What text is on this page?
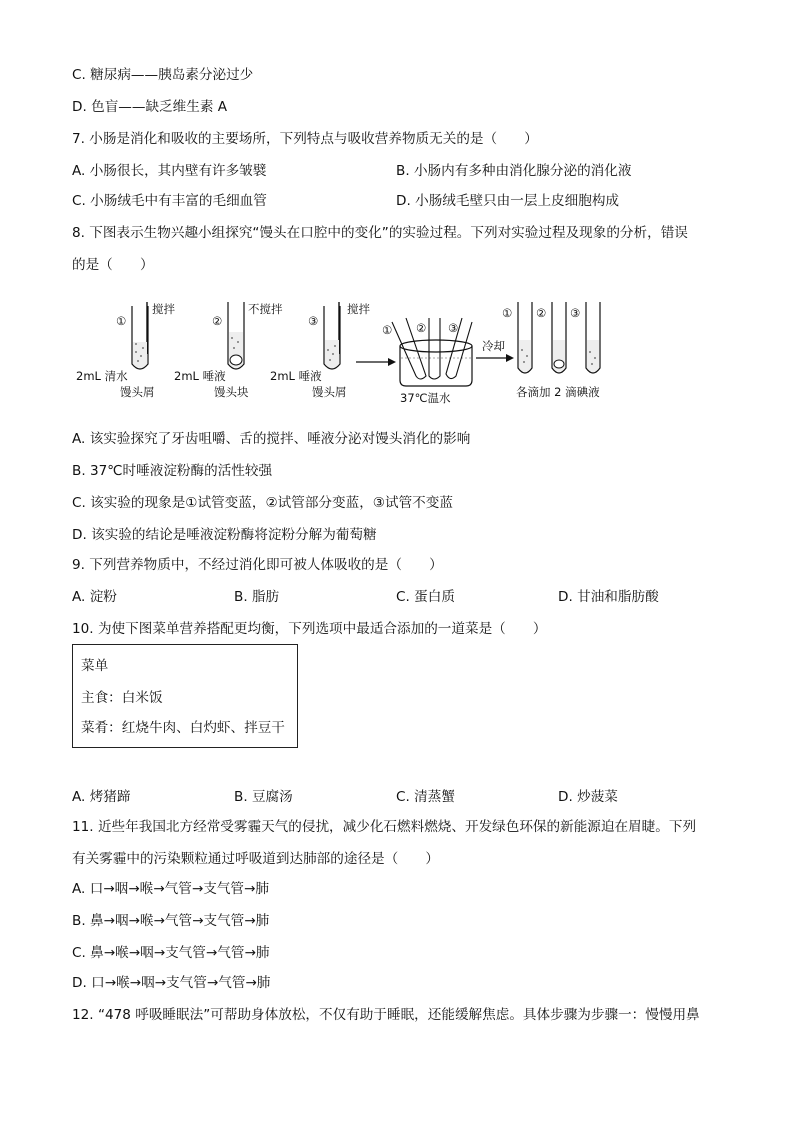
C. 糖尿病——胰岛素分泌过少
D. 色盲——缺乏维生素 A
7. 小肠是消化和吸收的主要场所，下列特点与吸收营养物质无关的是（　　）
A. 小肠很长，其内壁有许多皱襞	B. 小肠内有多种由消化腺分泌的消化液
C. 小肠绒毛中有丰富的毛细血管	D. 小肠绒毛壁只由一层上皮细胞构成
8. 下图表示生物兴趣小组探究“馒头在口腔中的变化”的实验过程。下列对实验过程及现象的分析，错误
的是（　　）
①
搅拌
2mL 清水
馒头屑
②
不搅拌
2mL 唾液
馒头块
③
搅拌
2mL 唾液
馒头屑
① ② ③
37℃温水
冷却
① ② ③
各滴加 2 滴碘液
A. 该实验探究了牙齿咀嚼、舌的搅拌、唾液分泌对馒头消化的影响
B. 37℃时唾液淀粉酶的活性较强
C. 该实验的现象是①试管变蓝，②试管部分变蓝，③试管不变蓝
D. 该实验的结论是唾液淀粉酶将淀粉分解为葡萄糖
9. 下列营养物质中，不经过消化即可被人体吸收的是（　　）
A. 淀粉	B. 脂肪	C. 蛋白质	D. 甘油和脂肪酸
10. 为使下图菜单营养搭配更均衡，下列选项中最适合添加的一道菜是（　　）
菜单
主食：白米饭
菜肴：红烧牛肉、白灼虾、拌豆干
A. 烤猪蹄	B. 豆腐汤	C. 清蒸蟹	D. 炒菠菜
11. 近些年我国北方经常受雾霾天气的侵扰，减少化石燃料燃烧、开发绿色环保的新能源迫在眉睫。下列
有关雾霾中的污染颗粒通过呼吸道到达肺部的途径是（　　）
A. 口→咽→喉→气管→支气管→肺
B. 鼻→咽→喉→气管→支气管→肺
C. 鼻→喉→咽→支气管→气管→肺
D. 口→喉→咽→支气管→气管→肺
12. “478 呼吸睡眠法”可帮助身体放松，不仅有助于睡眠，还能缓解焦虑。具体步骤为步骤一：慢慢用鼻
